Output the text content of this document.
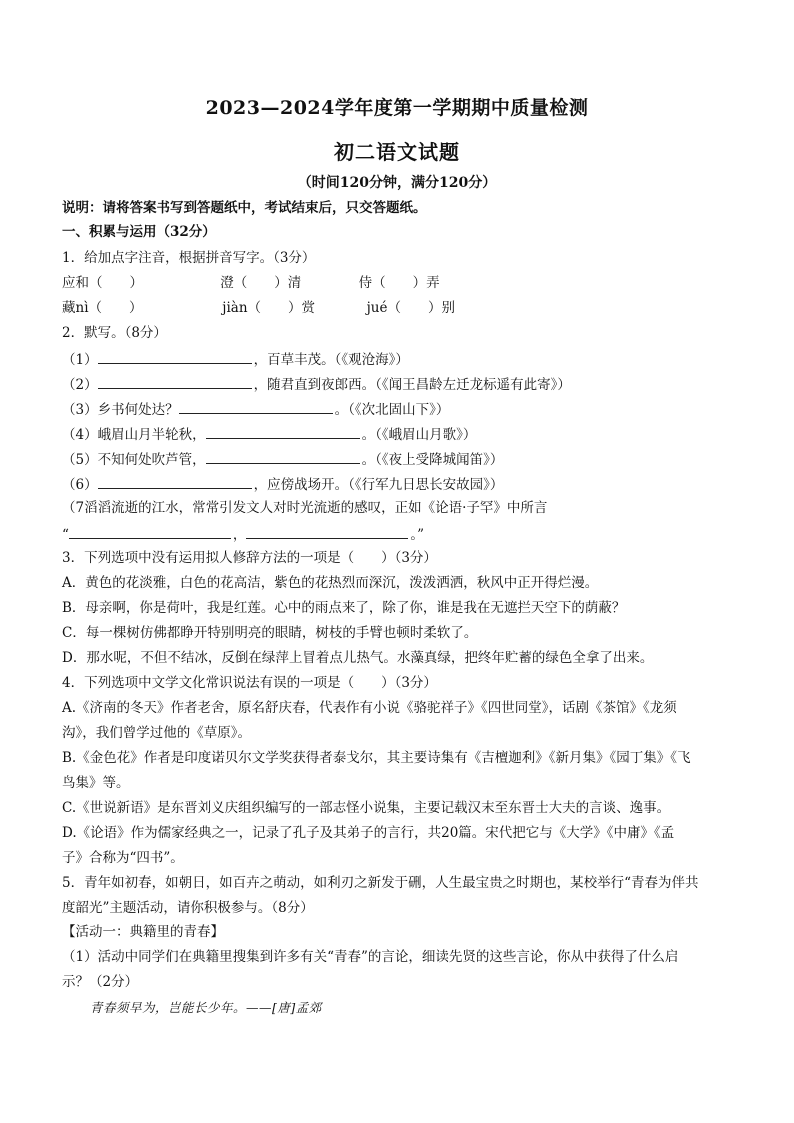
2023—2024学年度第一学期期中质量检测
初二语文试题
（时间120分钟，满分120分）
说明：请将答案书写到答题纸中，考试结束后，只交答题纸。
一、积累与运用（32分）
1．给加点字注音，根据拼音写字。（3分）
应和（　　）	澄（　　）清	侍（　　）弄
藏nì（　　）	jiàn（　　）赏	jué（　　）别
2．默写。（8分）
（1）	，百草丰茂。（《观沧海》）
（2）	，随君直到夜郎西。（《闻王昌龄左迁龙标遥有此寄》）
（3）乡书何处达？	。（《次北固山下》）
（4）峨眉山月半轮秋，	。（《峨眉山月歌》）
（5）不知何处吹芦管，	。（《夜上受降城闻笛》）
（6）	，应傍战场开。（《行军九日思长安故园》）
（7滔滔流逝的江水，常常引发文人对时光流逝的感叹，正如《论语·子罕》中所言
“	，	。”
3．下列选项中没有运用拟人修辞方法的一项是（　　）（3分）
A．黄色的花淡雅，白色的花高洁，紫色的花热烈而深沉，泼泼洒洒，秋风中正开得烂漫。
B．母亲啊，你是荷叶，我是红莲。心中的雨点来了，除了你，谁是我在无遮拦天空下的荫蔽？
C．每一棵树仿佛都睁开特别明亮的眼睛，树枝的手臂也顿时柔软了。
D．那水呢，不但不结冰，反倒在绿萍上冒着点儿热气。水藻真绿，把终年贮蓄的绿色全拿了出来。
4．下列选项中文学文化常识说法有误的一项是（　　）（3分）
A.《济南的冬天》作者老舍，原名舒庆春，代表作有小说《骆驼祥子》《四世同堂》，话剧《茶馆》《龙须
沟》，我们曾学过他的《草原》。
B.《金色花》作者是印度诺贝尔文学奖获得者泰戈尔，其主要诗集有《吉檀迦利》《新月集》《园丁集》《飞
鸟集》等。
C.《世说新语》是东晋刘义庆组织编写的一部志怪小说集，主要记载汉末至东晋士大夫的言谈、逸事。
D.《论语》作为儒家经典之一，记录了孔子及其弟子的言行，共20篇。宋代把它与《大学》《中庸》《孟
子》合称为“四书”。
5．青年如初春，如朝日，如百卉之萌动，如利刃之新发于硎，人生最宝贵之时期也，某校举行“青春为伴共
度韶光”主题活动，请你积极参与。（8分）
【活动一：典籍里的青春】
（1）活动中同学们在典籍里搜集到许多有关“青春”的言论，细读先贤的这些言论，你从中获得了什么启
示？（2分）
青春须早为，岂能长少年。——[唐]孟郊
